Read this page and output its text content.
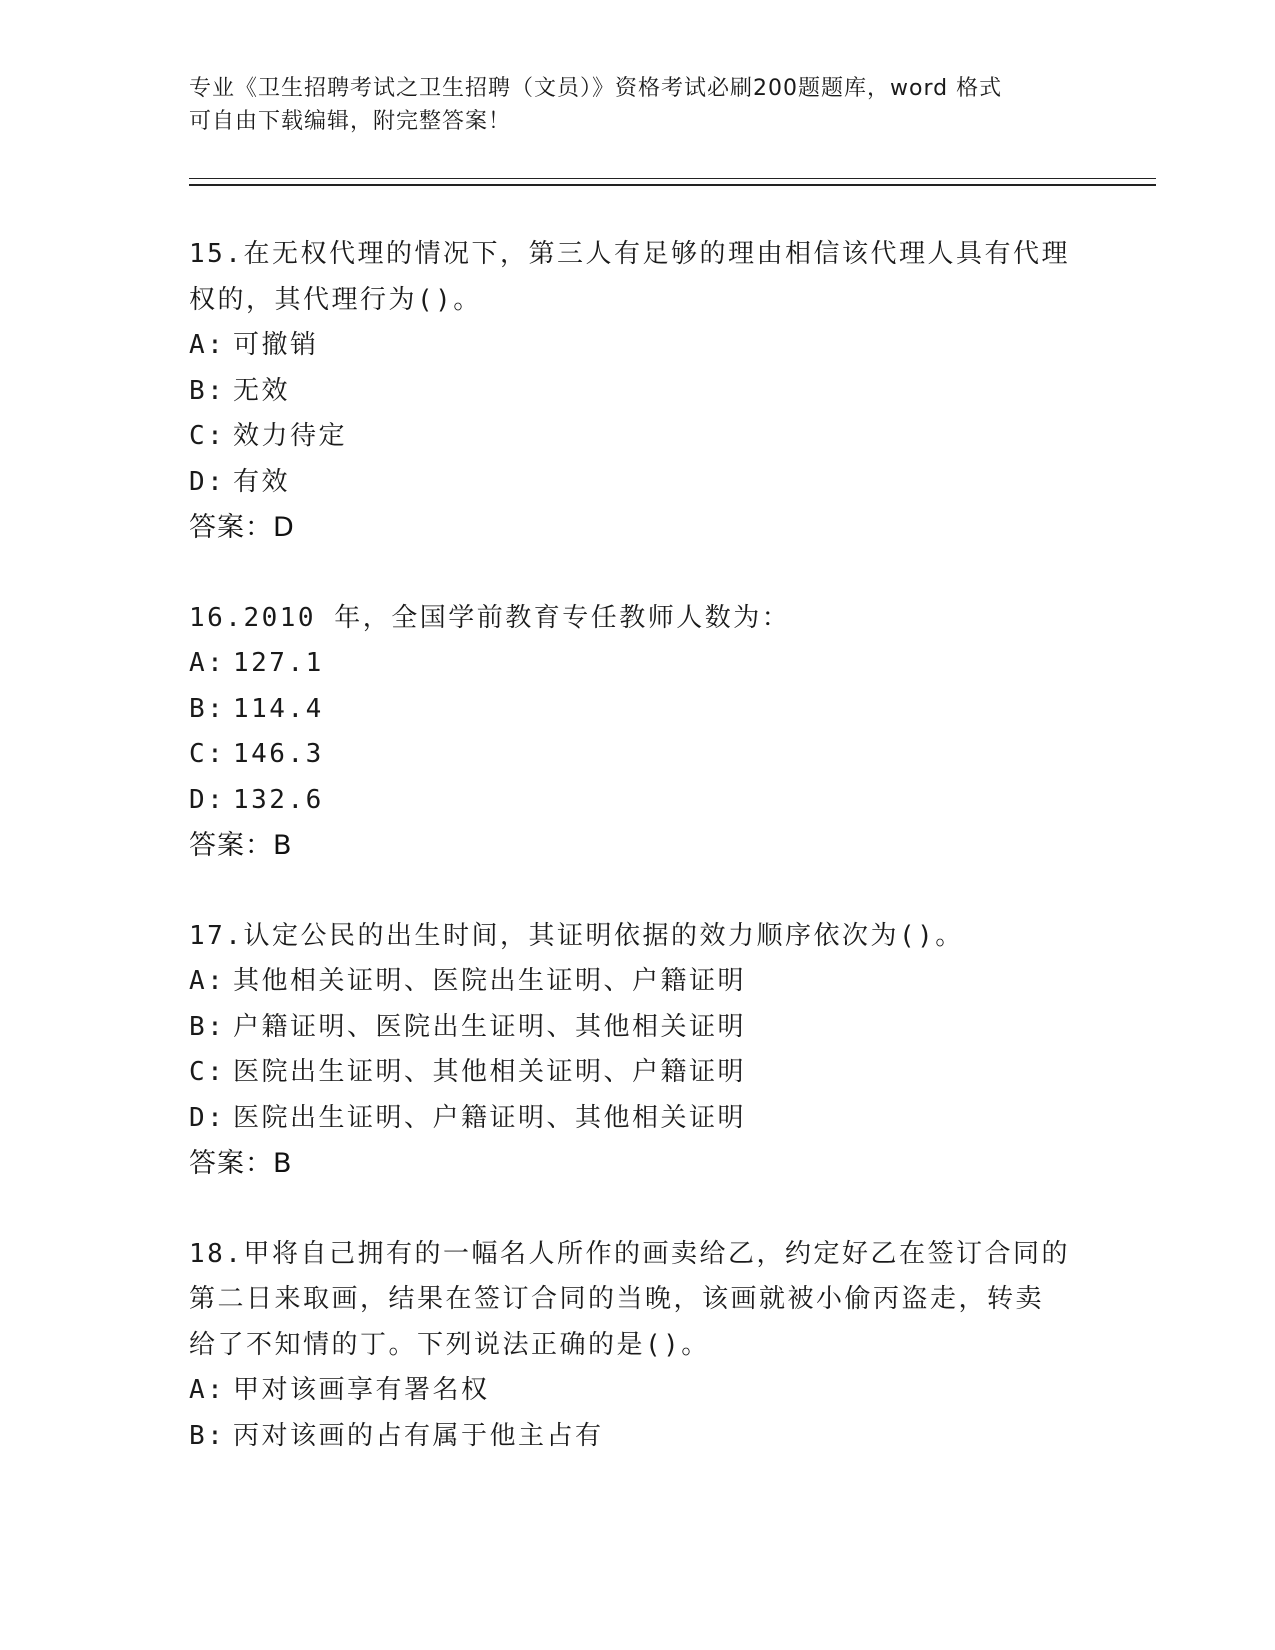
专业《卫生招聘考试之卫生招聘（文员）》资格考试必刷200题题库，word 格式
可自由下载编辑，附完整答案！
15.在无权代理的情况下，第三人有足够的理由相信该代理人具有代理
权的，其代理行为()。
A: 可撤销
B: 无效
C: 效力待定
D: 有效
答案：D
16.2010 年，全国学前教育专任教师人数为：
A: 127.1
B: 114.4
C: 146.3
D: 132.6
答案：B
17.认定公民的出生时间，其证明依据的效力顺序依次为()。
A: 其他相关证明、医院出生证明、户籍证明
B: 户籍证明、医院出生证明、其他相关证明
C: 医院出生证明、其他相关证明、户籍证明
D: 医院出生证明、户籍证明、其他相关证明
答案：B
18.甲将自己拥有的一幅名人所作的画卖给乙，约定好乙在签订合同的
第二日来取画，结果在签订合同的当晚，该画就被小偷丙盗走，转卖
给了不知情的丁。下列说法正确的是()。
A: 甲对该画享有署名权
B: 丙对该画的占有属于他主占有
